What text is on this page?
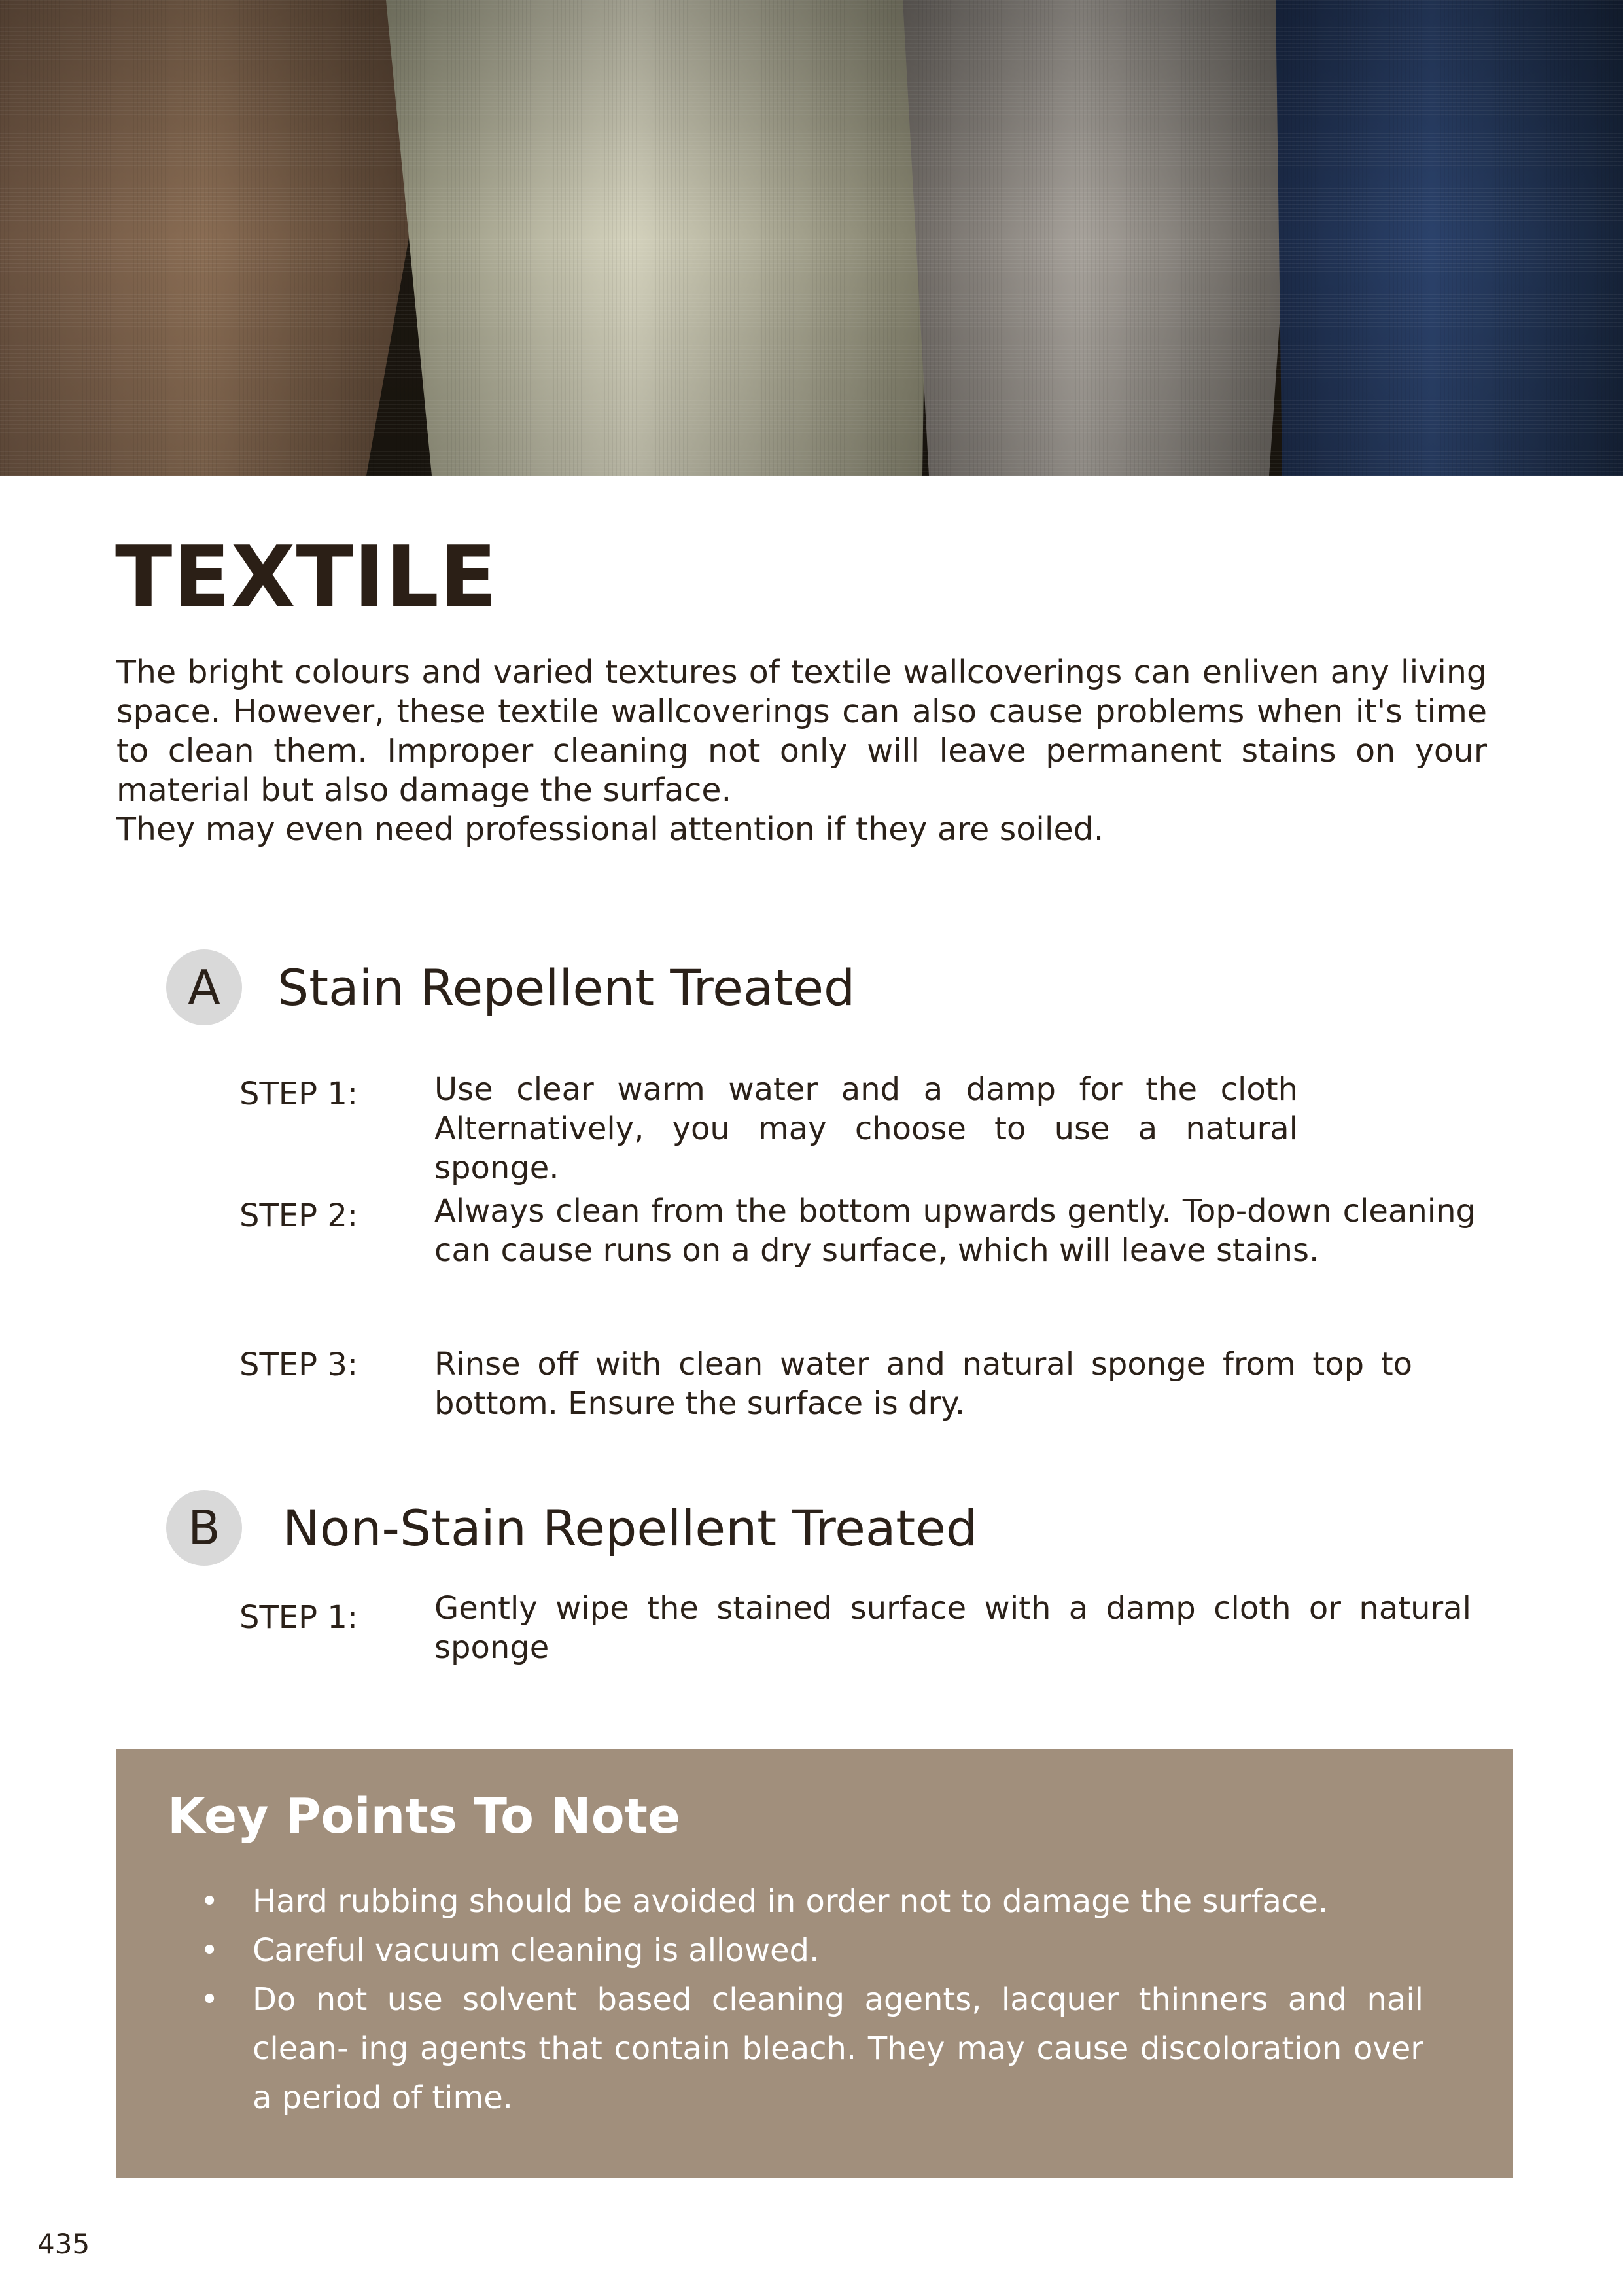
TEXTILE

The bright colours and varied textures of textile wallcoverings can enliven any living space. However, these textile wallcoverings can also cause problems when it's time to clean them. Improper cleaning not only will leave permanent stains on your material but also damage the surface.

They may even need professional attention if they are soiled.

A	Stain Repellent Treated
STEP 1: Use clear warm water and a damp for the cloth Alternatively, you may choose to use a natural sponge.
STEP 2: Always clean from the bottom upwards gently. Top-down cleaning can cause runs on a dry surface, which will leave stains.
STEP 3: Rinse off with clean water and natural sponge from top to bottom. Ensure the surface is dry.
B	Non-Stain Repellent Treated
STEP 1: Gently wipe the stained surface with a damp cloth or natural sponge
Key Points To Note
• Hard rubbing should be avoided in order not to damage the surface.
• Careful vacuum cleaning is allowed.
• Do not use solvent based cleaning agents, lacquer thinners and nail clean- ing agents that contain bleach. They may cause discoloration over a period of time.
435
